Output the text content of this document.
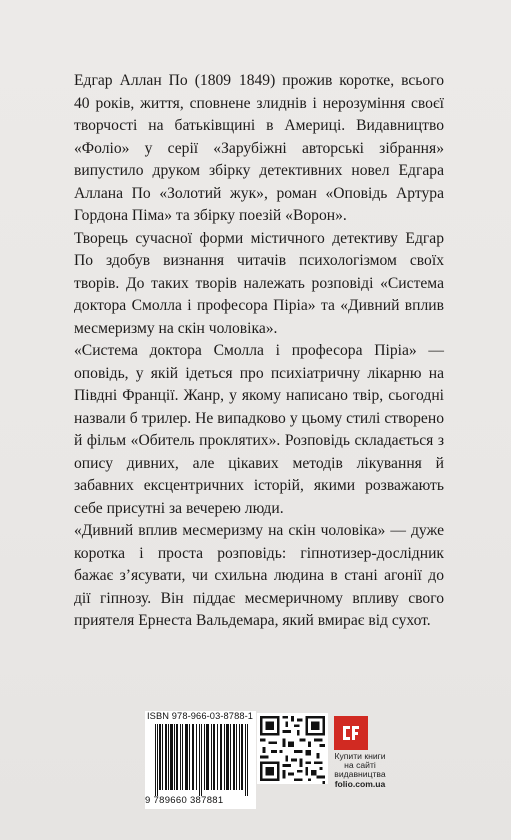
Едгар Аллан По (1809 1849) прожив коротке, всього 40 років, життя, сповнене злиднів і нерозуміння своєї творчості на батьківщині в Америці. Видавництво «Фоліо» у серії «Зарубіжні авторські зібрання» випустило друком збірку детективних новел Едгара Аллана По «Золотий жук», роман «Оповідь Артура Гордона Піма» та збірку поезій «Ворон».

Творець сучасної форми містичного детективу Едгар По здобув визнання читачів психологізмом своїх творів. До таких творів належать розповіді «Система доктора Смолла і професора Піріа» та «Дивний вплив месмеризму на скін чоловіка».

«Система доктора Смолла і професора Піріа» — оповідь, у якій ідеться про психіатричну лікарню на Півдні Франції. Жанр, у якому написано твір, сьогодні назвали б трилер. Не випадково у цьому стилі створено й фільм «Обитель проклятих». Розповідь складається з опису дивних, але цікавих методів лікування й забавних ексцентричних історій, якими розважають себе присутні за вечерею люди.

«Дивний вплив месмеризму на скін чоловіка» — дуже коротка і проста розповідь: гіпнотизер-дослідник бажає з’ясувати, чи схильна людина в стані агонії до дії гіпнозу. Він піддає месмеричному впливу свого приятеля Ернеста Вальдемара, який вмирає від сухот.

ISBN 978-966-03-8788-1
9 789660 387881
Купити книги
на сайті
видавництва
folio.com.ua
